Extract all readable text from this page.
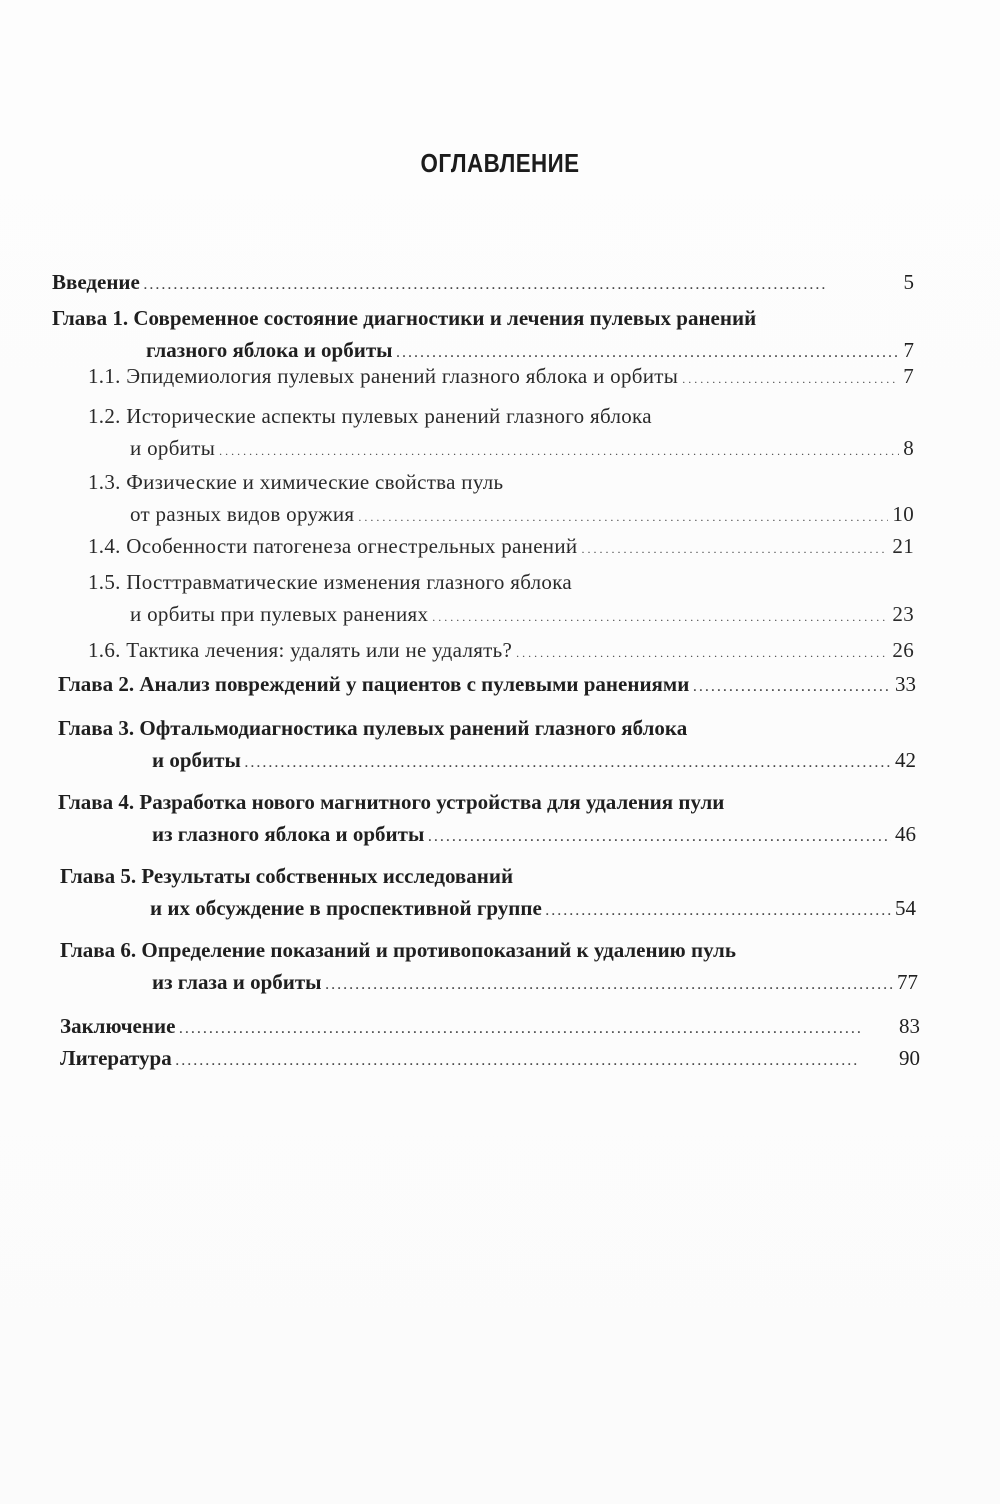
ОГЛАВЛЕНИЕ
Введение . . .	5
Глава 1. Современное состояние диагностики и лечения пулевых ранений
глазного яблока и орбиты . . .	7
1.1. Эпидемиология пулевых ранений глазного яблока и орбиты . . .	7
1.2. Исторические аспекты пулевых ранений глазного яблока
и орбиты . . .	8
1.3. Физические и химические свойства пуль
от разных видов оружия . . .	10
1.4. Особенности патогенеза огнестрельных ранений . . .	21
1.5. Посттравматические изменения глазного яблока
и орбиты при пулевых ранениях . . .	23
1.6. Тактика лечения: удалять или не удалять? . . .	26
Глава 2. Анализ повреждений у пациентов с пулевыми ранениями . . .	33
Глава 3. Офтальмодиагностика пулевых ранений глазного яблока
и орбиты . . .	42
Глава 4. Разработка нового магнитного устройства для удаления пули
из глазного яблока и орбиты . . .	46
Глава 5. Результаты собственных исследований
и их обсуждение в проспективной группе . . .	54
Глава 6. Определение показаний и противопоказаний к удалению пуль
из глаза и орбиты . . .	77
Заключение . . .	83
Литература . . .	90
